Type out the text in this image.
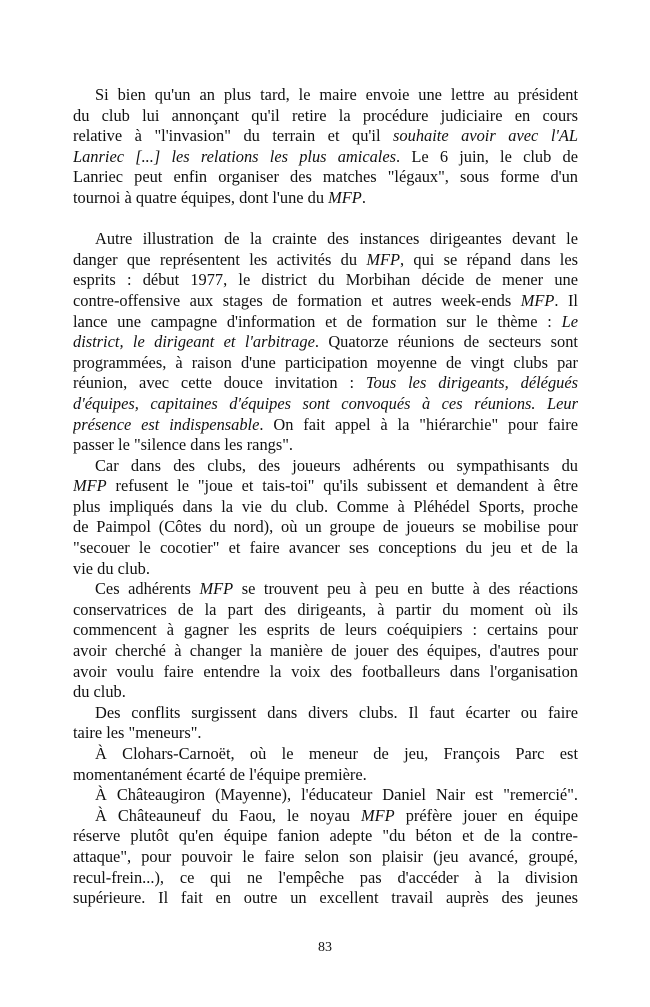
Si bien qu'un an plus tard, le maire envoie une lettre au président
du club lui annonçant qu'il retire la procédure judiciaire en cours
relative à "l'invasion" du terrain et qu'il souhaite avoir avec l'AL
Lanriec [...] les relations les plus amicales. Le 6 juin, le club de
Lanriec peut enfin organiser des matches "légaux", sous forme d'un
tournoi à quatre équipes, dont l'une du MFP.
Autre illustration de la crainte des instances dirigeantes devant le
danger que représentent les activités du MFP, qui se répand dans les
esprits : début 1977, le district du Morbihan décide de mener une
contre-offensive aux stages de formation et autres week-ends MFP. Il
lance une campagne d'information et de formation sur le thème : Le
district, le dirigeant et l'arbitrage. Quatorze réunions de secteurs sont
programmées, à raison d'une participation moyenne de vingt clubs par
réunion, avec cette douce invitation : Tous les dirigeants, délégués
d'équipes, capitaines d'équipes sont convoqués à ces réunions. Leur
présence est indispensable. On fait appel à la "hiérarchie" pour faire
passer le "silence dans les rangs".
Car dans des clubs, des joueurs adhérents ou sympathisants du
MFP refusent le "joue et tais-toi" qu'ils subissent et demandent à être
plus impliqués dans la vie du club. Comme à Pléhédel Sports, proche
de Paimpol (Côtes du nord), où un groupe de joueurs se mobilise pour
"secouer le cocotier" et faire avancer ses conceptions du jeu et de la
vie du club.
Ces adhérents MFP se trouvent peu à peu en butte à des réactions
conservatrices de la part des dirigeants, à partir du moment où ils
commencent à gagner les esprits de leurs coéquipiers : certains pour
avoir cherché à changer la manière de jouer des équipes, d'autres pour
avoir voulu faire entendre la voix des footballeurs dans l'organisation
du club.
Des conflits surgissent dans divers clubs. Il faut écarter ou faire
taire les "meneurs".
À Clohars-Carnoët, où le meneur de jeu, François Parc est
momentanément écarté de l'équipe première.
À Châteaugiron (Mayenne), l'éducateur Daniel Nair est "remercié".
À Châteauneuf du Faou, le noyau MFP préfère jouer en équipe
réserve plutôt qu'en équipe fanion adepte "du béton et de la contre-
attaque", pour pouvoir le faire selon son plaisir (jeu avancé, groupé,
recul-frein...), ce qui ne l'empêche pas d'accéder à la division
supérieure. Il fait en outre un excellent travail auprès des jeunes
83
